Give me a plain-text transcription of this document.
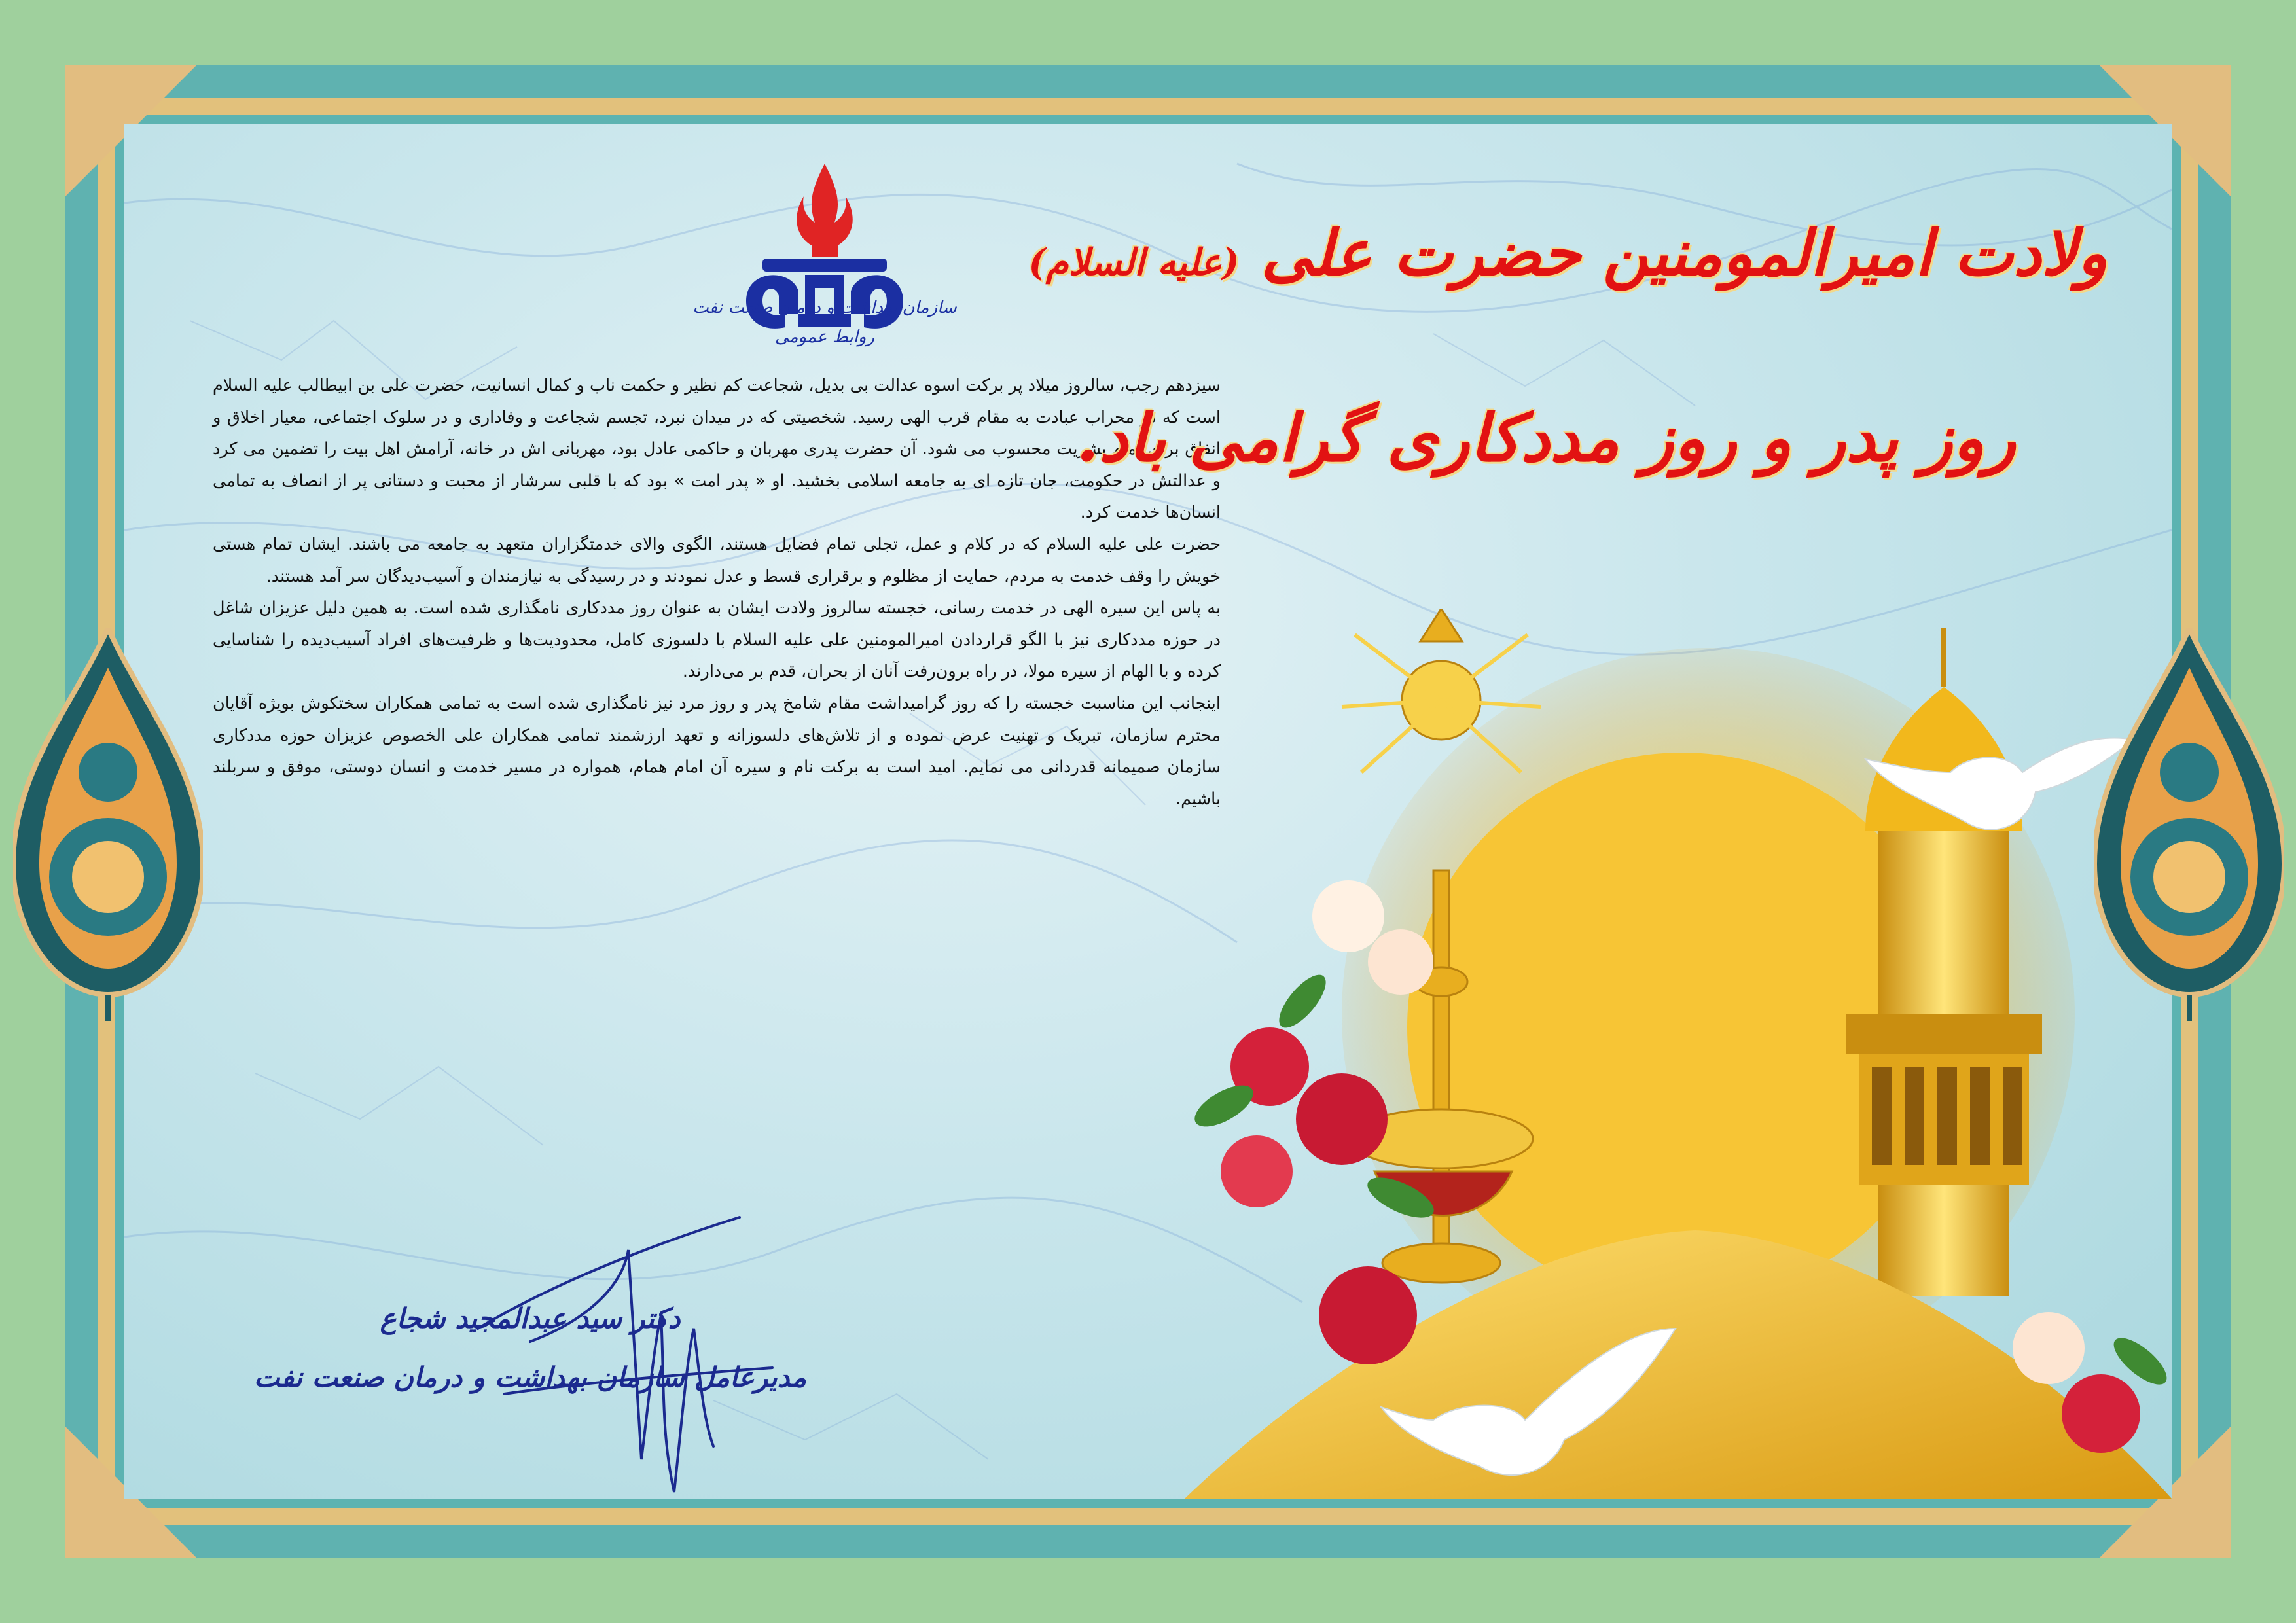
سازمان بهداشت و درمان صنعت نفت
روابط عمومی

سیزدهم رجب، سالروز میلاد پر برکت اسوه عدالت بی بدیل، شجاعت کم نظیر و حکمت ناب و کمال انسانیت، حضرت علی بن ابیطالب علیه السلام است که در محراب عبادت به مقام قرب الهی رسید. شخصیتی که در میدان نبرد، تجسم شجاعت و وفاداری و در سلوک اجتماعی، معیار اخلاق و انفاق برای تمام بشریت محسوب می شود. آن حضرت پدری مهربان و حاکمی عادل بود، مهربانی اش در خانه، آرامش اهل بیت را تضمین می کرد و عدالتش در حکومت، جان تازه ای به جامعه اسلامی بخشید. او « پدر امت » بود که با قلبی سرشار از محبت و دستانی پر از انصاف به تمامی انسان‌ها خدمت کرد.

حضرت علی علیه السلام که در کلام و عمل، تجلی تمام فضایل هستند، الگوی والای خدمتگزاران متعهد به جامعه می باشند. ایشان تمام هستی خویش را وقف خدمت به مردم، حمایت از مظلوم و برقراری قسط و عدل نمودند و در رسیدگی به نیازمندان و آسیب‌دیدگان سر آمد هستند.

به پاس این سیره الهی در خدمت رسانی، خجسته سالروز ولادت ایشان به عنوان روز مددکاری نامگذاری شده است. به همین دلیل عزیزان شاغل در حوزه مددکاری نیز با الگو قراردادن امیرالمومنین علی علیه السلام با دلسوزی کامل، محدودیت‌ها و ظرفیت‌های افراد آسیب‌دیده را شناسایی کرده و با الهام از سیره مولا، در راه برون‌رفت آنان از بحران، قدم بر می‌دارند.

اینجانب این مناسبت خجسته را که روز گرامیداشت مقام شامخ پدر و روز مرد نیز نامگذاری شده است به تمامی همکاران سختکوش بویژه آقایان محترم سازمان، تبریک و تهنیت عرض نموده و از تلاش‌های دلسوزانه و تعهد ارزشمند تمامی همکاران علی الخصوص عزیزان حوزه مددکاری سازمان صمیمانه قدردانی می نمایم. امید است به برکت نام و سیره آن امام همام، همواره در مسیر خدمت و انسان دوستی، موفق و سربلند باشیم.

دکتر سید عبدالمجید شجاع
مدیرعامل سازمان بهداشت و درمان صنعت نفت
ولادت امیرالمومنین حضرت علی (علیه السلام)
روز پدر و روز مددکاری گرامی باد.
